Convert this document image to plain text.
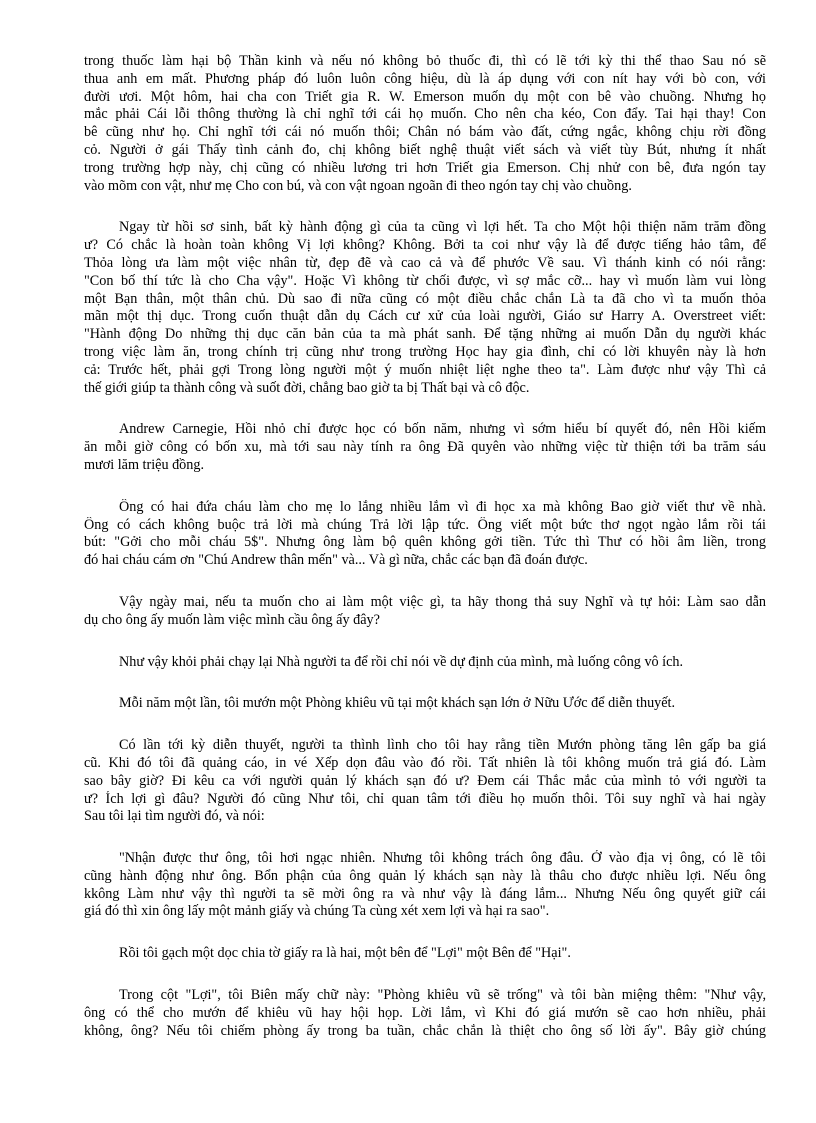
trong thuốc làm hại bộ Thần kinh và nếu nó không bỏ thuốc đi, thì có lẽ tới kỳ thi thể thao Sau nó sẽ
thua anh em mất. Phương pháp đó luôn luôn công hiệu, dù là áp dụng với con nít hay với bò con, với
đười ươi. Một hôm, hai cha con Triết gia R. W. Emerson muốn dụ một con bê vào chuồng. Nhưng họ
mắc phải Cái lỗi thông thường là chỉ nghĩ tới cái họ muốn. Cho nên cha kéo, Con đẩy. Tai hại thay! Con
bê cũng như họ. Chỉ nghĩ tới cái nó muốn thôi; Chân nó bám vào đất, cứng ngắc, không chịu rời đồng
cỏ. Người ở gái Thấy tình cảnh đo, chị không biết nghệ thuật viết sách và viết tùy Bút, nhưng ít nhất
trong trường hợp này, chị cũng có nhiều lương tri hơn Triết gia Emerson. Chị nhử con bê, đưa ngón tay
vào mõm con vật, như mẹ Cho con bú, và con vật ngoan ngoãn đi theo ngón tay chị vào chuồng.
Ngay từ hồi sơ sinh, bất kỳ hành động gì của ta cũng vì lợi hết. Ta cho Một hội thiện năm trăm đồng
ư? Có chắc là hoàn toàn không Vị lợi không? Không. Bởi ta coi như vậy là để được tiếng hảo tâm, để
Thỏa lòng ưa làm một việc nhân từ, đẹp đẽ và cao cả và để phước Về sau. Vì thánh kinh có nói rằng:
"Con bố thí tức là cho Cha vậy". Hoặc Vì không từ chối được, vì sợ mắc cỡ... hay vì muốn làm vui lòng
một Bạn thân, một thân chủ. Dù sao đi nữa cũng có một điều chắc chắn Là ta đã cho vì ta muốn thỏa
mãn một thị dục. Trong cuốn thuật dẫn dụ Cách cư xử của loài người, Giáo sư Harry A. Overstreet viết:
"Hành động Do những thị dục căn bản của ta mà phát sanh. Để tặng những ai muốn Dẫn dụ người khác
trong việc làm ăn, trong chính trị cũng như trong trường Học hay gia đình, chỉ có lời khuyên này là hơn
cả: Trước hết, phải gợi Trong lòng người một ý muốn nhiệt liệt nghe theo ta". Làm được như vậy Thì cả
thế giới giúp ta thành công và suốt đời, chẳng bao giờ ta bị Thất bại và cô độc.
Andrew Carnegie, Hồi nhỏ chỉ được học có bốn năm, nhưng vì sớm hiểu bí quyết đó, nên Hồi kiếm
ăn mỗi giờ công có bốn xu, mà tới sau này tính ra ông Đã quyên vào những việc từ thiện tới ba trăm sáu
mươi lăm triệu đồng.
Ông có hai đứa cháu làm cho mẹ lo lắng nhiều lắm vì đi học xa mà không Bao giờ viết thư về nhà.
Ông có cách không buộc trả lời mà chúng Trả lời lập tức. Ông viết một bức thơ ngọt ngào lắm rồi tái
bút: "Gởi cho mỗi cháu 5$". Nhưng ông làm bộ quên không gởi tiền. Tức thì Thư có hồi âm liền, trong
đó hai cháu cám ơn "Chú Andrew thân mến" và... Và gì nữa, chắc các bạn đã đoán được.
Vậy ngày mai, nếu ta muốn cho ai làm một việc gì, ta hãy thong thả suy Nghĩ và tự hỏi: Làm sao dẫn
dụ cho ông ấy muốn làm việc mình cầu ông ấy đây?
Như vậy khỏi phải chạy lại Nhà người ta để rồi chỉ nói về dự định của mình, mà luống công vô ích.
Mỗi năm một lần, tôi mướn một Phòng khiêu vũ tại một khách sạn lớn ở Nữu Ước để diễn thuyết.
Có lần tới kỳ diễn thuyết, người ta thình lình cho tôi hay rằng tiền Mướn phòng tăng lên gấp ba giá
cũ. Khi đó tôi đã quảng cáo, in vé Xếp dọn đâu vào đó rồi. Tất nhiên là tôi không muốn trả giá đó. Làm
sao bây giờ? Đi kêu ca với người quản lý khách sạn đó ư? Đem cái Thắc mắc của mình tỏ với người ta
ư? Ích lợi gì đâu? Người đó cũng Như tôi, chỉ quan tâm tới điều họ muốn thôi. Tôi suy nghĩ và hai ngày
Sau tôi lại tìm người đó, và nói:
"Nhận được thư ông, tôi hơi ngạc nhiên. Nhưng tôi không trách ông đâu. Ở vào địa vị ông, có lẽ tôi
cũng hành động như ông. Bổn phận của ông quản lý khách sạn này là thâu cho được nhiều lợi. Nếu ông
kkông Làm như vậy thì người ta sẽ mời ông ra và như vậy là đáng lắm... Nhưng Nếu ông quyết giữ cái
giá đó thì xin ông lấy một mảnh giấy và chúng Ta cùng xét xem lợi và hại ra sao".
Rồi tôi gạch một dọc chia tờ giấy ra là hai, một bên để "Lợi" một Bên để "Hại".
Trong cột "Lợi", tôi Biên mấy chữ này: "Phòng khiêu vũ sẽ trống" và tôi bàn miệng thêm: "Như vậy,
ông có thể cho mướn để khiêu vũ hay hội họp. Lời lắm, vì Khi đó giá mướn sẽ cao hơn nhiều, phải
không, ông? Nếu tôi chiếm phòng ấy trong ba tuần, chắc chắn là thiệt cho ông số lời ấy". Bây giờ chúng
